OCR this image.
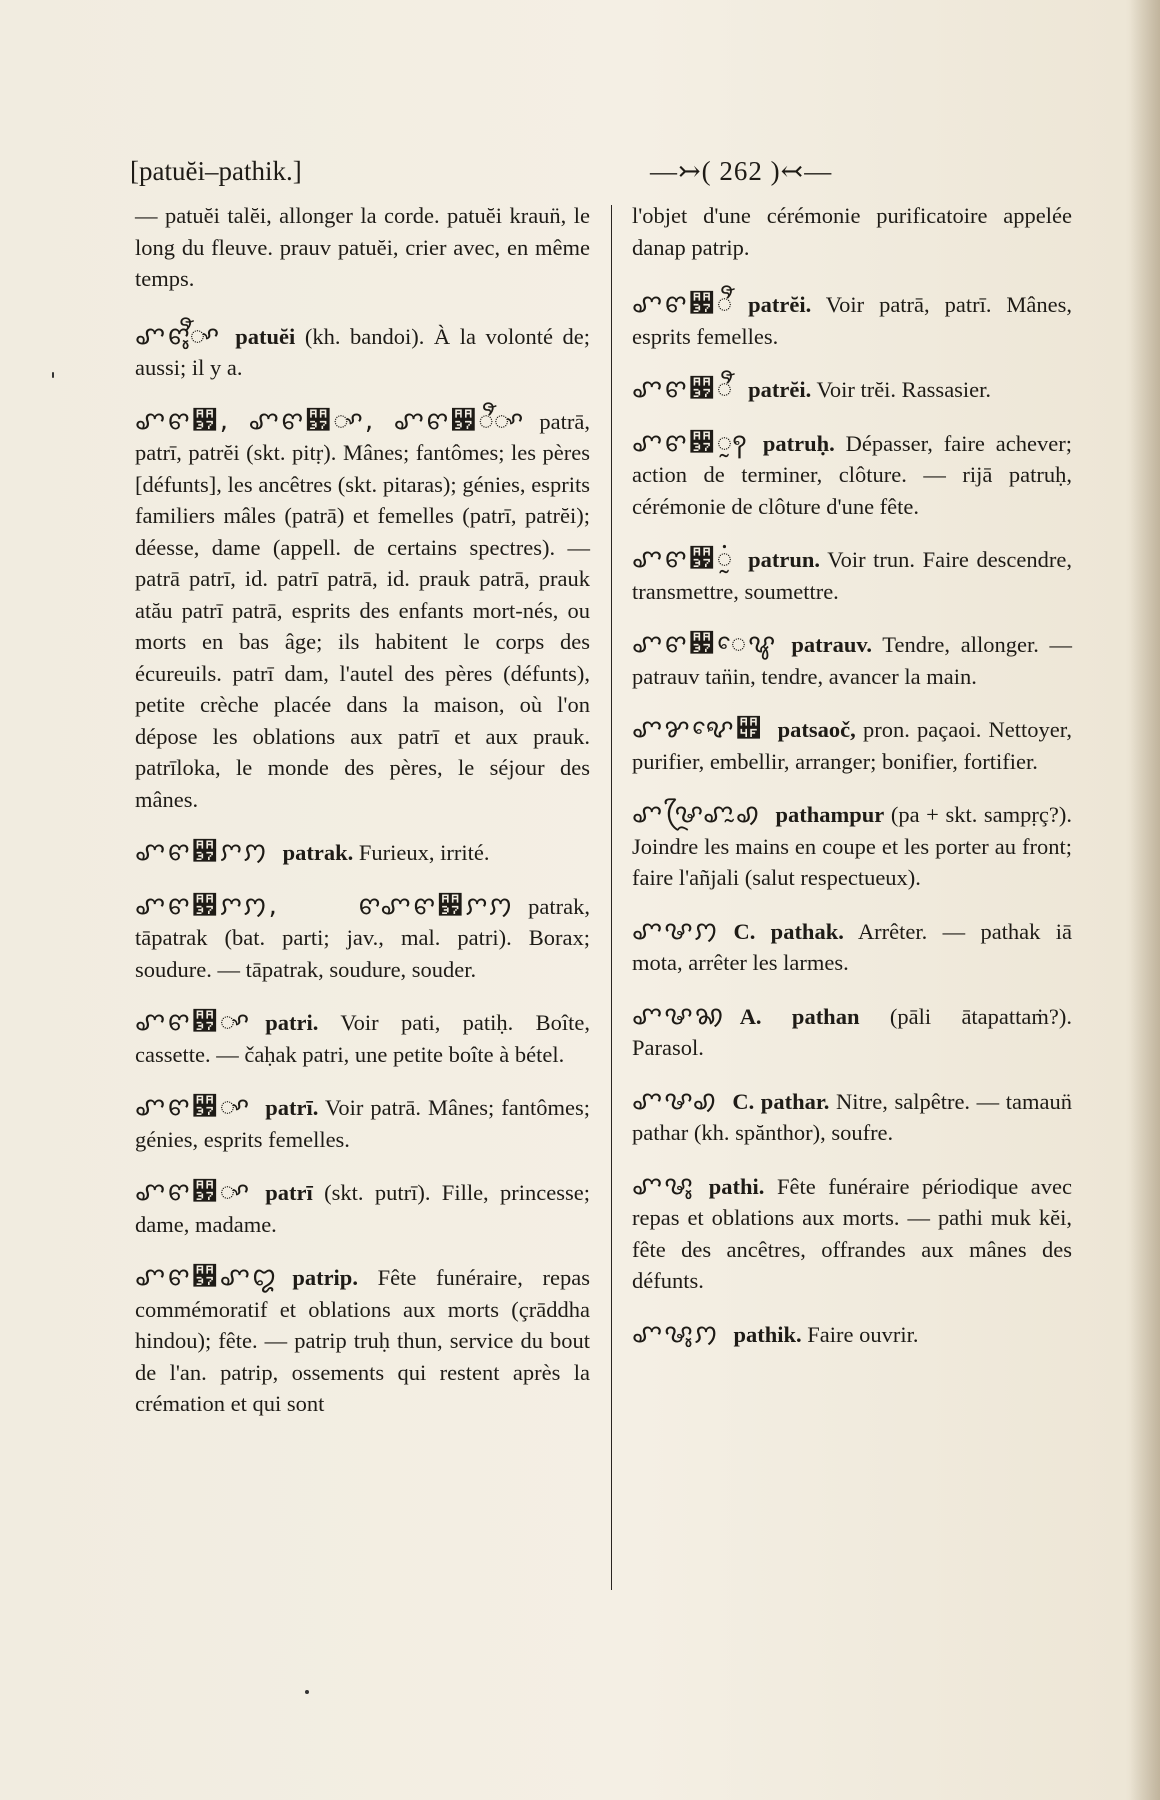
[patuĕi–pathik.]	—↣( 262 )↢—

— patuĕi talĕi, allonger la corde. patuĕi kraun̈, le long du fleuve. prauv patuĕi, crier avec, en même temps.

ꨚꨓꨶꨬꨳ patuĕi (kh. bandoi). À la volonté de; aussi; il y a.

ꨚꨓ꨷, ꨚꨓ꨷ꨳ, ꨚꨓ꨷ꨬꨳ patrā, patrī, patrĕi (skt. pitṛ). Mânes; fantômes; les pères [défunts], les ancêtres (skt. pitaras); génies, esprits familiers mâles (patrā) et femelles (patrī, patrĕi); déesse, dame (appell. de certains spectres). — patrā patrī, id. patrī patrā, id. prauk patrā, prauk atău patrī patrā, esprits des enfants mort-nés, ou morts en bas âge; ils habitent le corps des écureuils. patrī dam, l'autel des pères (défunts), petite crèche placée dans la maison, où l'on dépose les oblations aux patrī et aux prauk. patrīloka, le monde des pères, le séjour des mânes.

ꨚꨓ꨷ꨆꩀ patrak. Furieux, irrité.

ꨚꨓ꨷ꨆꩀ, ꨓꨚꨓ꨷ꨆꩀ patrak, tāpatrak (bat. parti; jav., mal. patri). Borax; soudure. — tāpatrak, soudure, souder.

ꨚꨓ꨷ꨳ patri. Voir pati, patiḥ. Boîte, cassette. — čaḥak patri, une petite boîte à bétel.

ꨚꨓ꨷ꨳ patrī. Voir patrā. Mânes; fantômes; génies, esprits femelles.

ꨚꨓ꨷ꨳ patrī (skt. putrī). Fille, princesse; dame, madame.

ꨚꨓ꨷ꨚ꩓ patrip. Fête funéraire, repas commémoratif et oblations aux morts (çrāddha hindou); fête. — patrip truḥ thun, service du bout de l'an. patrip, ossements qui restent après la crémation et qui sont

l'objet d'une cérémonie purificatoire appelée danap patrip.

ꨚꨓ꨷ꨬ patrĕi. Voir patrā, patrī. Mânes, esprits femelles.

ꨚꨓ꨷ꨬ patrĕi. Voir trĕi. Rassasier.

ꨚꨓ꨷ꨭꩍ patruḥ. Dépasser, faire achever; action de terminer, clôture. — rijā patruḥ, cérémonie de clôture d'une fête.

ꨚꨓ꨷ꨭꩌ patrun. Voir trun. Faire descendre, transmettre, soumettre.

ꨚꨓ꨷ꨯꨥ patrauv. Tendre, allonger. — patrauv tan̈in, tendre, avancer la main.

ꨚꨌꨦꨯ꩏ patsaoč, pron. paçaoi. Nettoyer, purifier, embellir, arranger; bonifier, fortifier.

ꨚꨔꨴꨚꨭꩉ pathampur (pa + skt. sampṛç?). Joindre les mains en coupe et les porter au front; faire l'añjali (salut respectueux).

ꨚꨔꩀ C. pathak. Arrêter. — pathak iā mota, arrêter les larmes.

ꨚꨔꩆ A. pathan (pāli ātapattaṁ?). Parasol.

ꨚꨔꩉ C. pathar. Nitre, salpêtre. — tamaun̈ pathar (kh. spănthor), soufre.

ꨚꨔꨶ pathi. Fête funéraire périodique avec repas et oblations aux morts. — pathi muk kĕi, fête des ancêtres, offrandes aux mânes des défunts.

ꨚꨔꨶꩀ pathik. Faire ouvrir.
